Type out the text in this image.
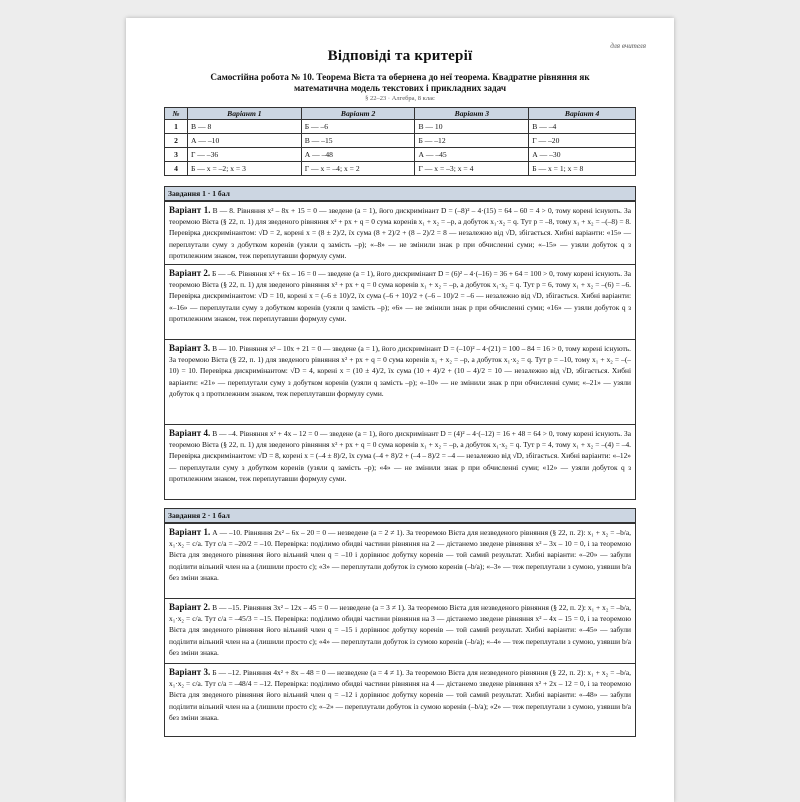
для вчителя
Відповіді та критерії
Самостійна робота № 10. Теорема Вієта та обернена до неї теорема. Квадратне рівняння як
математична модель текстових і прикладних задач
§ 22–23 · Алгебра, 8 клас
№	Варіант 1	Варіант 2	Варіант 3	Варіант 4
1	В — 8	Б — –6	В — 10	В — –4
2	А — –10	В — –15	Б — –12	Г — –20
3	Г — –36	А — –48	А — –45	А — –30
4	Б — x = –2; x = 3	Г — x = –4; x = 2	Г — x = –3; x = 4	Б — x = 1; x = 8
Завдання 1 · 1 бал
Варіант 1. В — 8. Рівняння x² – 8x + 15 = 0 — зведене (a = 1), його дискримінант D = (–8)² – 4·(15) = 64 – 60 = 4 > 0, тому корені існують. За теоремою Вієта (§ 22, п. 1) для зведеного рівняння x² + px + q = 0 сума коренів x₁ + x₂ = –p, а добуток x₁·x₂ = q. Тут p = –8, тому x₁ + x₂ = –(–8) = 8. Перевірка дискримінантом: √D = 2, корені x = (8 ± 2)/2, їх сума (8 + 2)/2 + (8 – 2)/2 = 8 — незалежно від √D, збігається. Хибні варіанти: «15» — переплутали суму з добутком коренів (узяли q замість –p); «–8» — не змінили знак p при обчисленні суми; «–15» — узяли добуток q з протилежним знаком, теж переплутавши формулу суми.
Варіант 2. Б — –6. Рівняння x² + 6x – 16 = 0 — зведене (a = 1), його дискримінант D = (6)² – 4·(–16) = 36 + 64 = 100 > 0, тому корені існують. За теоремою Вієта (§ 22, п. 1) для зведеного рівняння x² + px + q = 0 сума коренів x₁ + x₂ = –p, а добуток x₁·x₂ = q. Тут p = 6, тому x₁ + x₂ = –(6) = –6. Перевірка дискримінантом: √D = 10, корені x = (–6 ± 10)/2, їх сума (–6 + 10)/2 + (–6 – 10)/2 = –6 — незалежно від √D, збігається. Хибні варіанти: «–16» — переплутали суму з добутком коренів (узяли q замість –p); «6» — не змінили знак p при обчисленні суми; «16» — узяли добуток q з протилежним знаком, теж переплутавши формулу суми.
Варіант 3. В — 10. Рівняння x² – 10x + 21 = 0 — зведене (a = 1), його дискримінант D = (–10)² – 4·(21) = 100 – 84 = 16 > 0, тому корені існують. За теоремою Вієта (§ 22, п. 1) для зведеного рівняння x² + px + q = 0 сума коренів x₁ + x₂ = –p, а добуток x₁·x₂ = q. Тут p = –10, тому x₁ + x₂ = –(–10) = 10. Перевірка дискримінантом: √D = 4, корені x = (10 ± 4)/2, їх сума (10 + 4)/2 + (10 – 4)/2 = 10 — незалежно від √D, збігається. Хибні варіанти: «21» — переплутали суму з добутком коренів (узяли q замість –p); «–10» — не змінили знак p при обчисленні суми; «–21» — узяли добуток q з протилежним знаком, теж переплутавши формулу суми.
Варіант 4. В — –4. Рівняння x² + 4x – 12 = 0 — зведене (a = 1), його дискримінант D = (4)² – 4·(–12) = 16 + 48 = 64 > 0, тому корені існують. За теоремою Вієта (§ 22, п. 1) для зведеного рівняння x² + px + q = 0 сума коренів x₁ + x₂ = –p, а добуток x₁·x₂ = q. Тут p = 4, тому x₁ + x₂ = –(4) = –4. Перевірка дискримінантом: √D = 8, корені x = (–4 ± 8)/2, їх сума (–4 + 8)/2 + (–4 – 8)/2 = –4 — незалежно від √D, збігається. Хибні варіанти: «–12» — переплутали суму з добутком коренів (узяли q замість –p); «4» — не змінили знак p при обчисленні суми; «12» — узяли добуток q з протилежним знаком, теж переплутавши формулу суми.
Завдання 2 · 1 бал
Варіант 1. А — –10. Рівняння 2x² – 6x – 20 = 0 — незведене (a = 2 ≠ 1). За теоремою Вієта для незведеного рівняння (§ 22, п. 2): x₁ + x₂ = –b/a, x₁·x₂ = c/a. Тут c/a = –20/2 = –10. Перевірка: поділимо обидві частини рівняння на 2 — дістанемо зведене рівняння x² – 3x – 10 = 0, і за теоремою Вієта для зведеного рівняння його вільний член q = –10 і дорівнює добутку коренів — той самий результат. Хибні варіанти: «–20» — забули поділити вільний член на a (лишили просто c); «3» — переплутали добуток із сумою коренів (–b/a); «–3» — теж переплутали з сумою, узявши b/a без зміни знака.
Варіант 2. В — –15. Рівняння 3x² – 12x – 45 = 0 — незведене (a = 3 ≠ 1). За теоремою Вієта для незведеного рівняння (§ 22, п. 2): x₁ + x₂ = –b/a, x₁·x₂ = c/a. Тут c/a = –45/3 = –15. Перевірка: поділимо обидві частини рівняння на 3 — дістанемо зведене рівняння x² – 4x – 15 = 0, і за теоремою Вієта для зведеного рівняння його вільний член q = –15 і дорівнює добутку коренів — той самий результат. Хибні варіанти: «–45» — забули поділити вільний член на a (лишили просто c); «4» — переплутали добуток із сумою коренів (–b/a); «–4» — теж переплутали з сумою, узявши b/a без зміни знака.
Варіант 3. Б — –12. Рівняння 4x² + 8x – 48 = 0 — незведене (a = 4 ≠ 1). За теоремою Вієта для незведеного рівняння (§ 22, п. 2): x₁ + x₂ = –b/a, x₁·x₂ = c/a. Тут c/a = –48/4 = –12. Перевірка: поділимо обидві частини рівняння на 4 — дістанемо зведене рівняння x² + 2x – 12 = 0, і за теоремою Вієта для зведеного рівняння його вільний член q = –12 і дорівнює добутку коренів — той самий результат. Хибні варіанти: «–48» — забули поділити вільний член на a (лишили просто c); «–2» — переплутали добуток із сумою коренів (–b/a); «2» — теж переплутали з сумою, узявши b/a без зміни знака.
